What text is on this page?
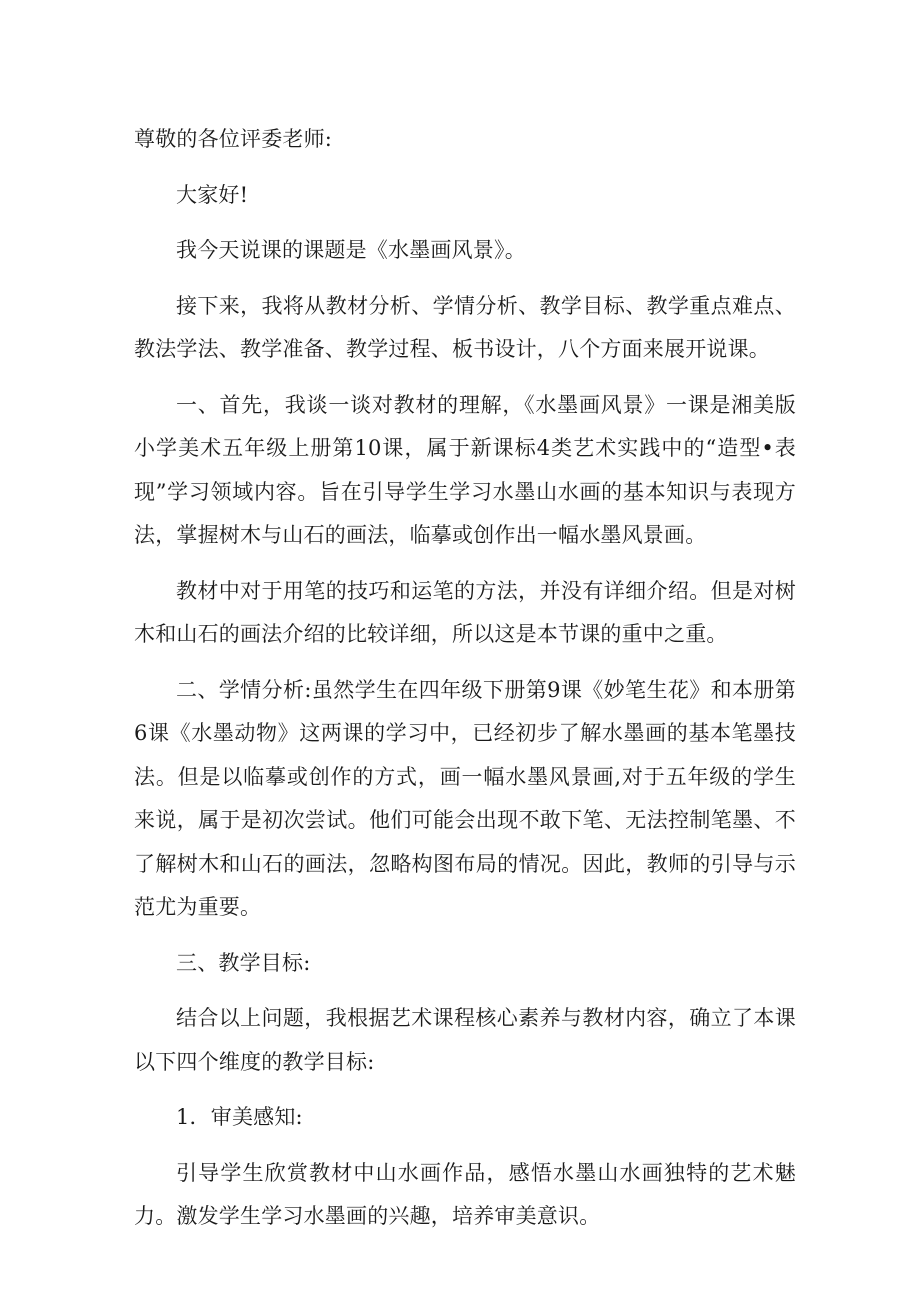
尊敬的各位评委老师:

大家好!

我今天说课的课题是《水墨画风景》。

接下来，我将从教材分析、学情分析、教学目标、教学重点难点、教法学法、教学准备、教学过程、板书设计，八个方面来展开说课。

一、首先，我谈一谈对教材的理解，《水墨画风景》一课是湘美版小学美术五年级上册第10课，属于新课标4类艺术实践中的“造型•表现”学习领域内容。旨在引导学生学习水墨山水画的基本知识与表现方法，掌握树木与山石的画法，临摹或创作出一幅水墨风景画。

教材中对于用笔的技巧和运笔的方法，并没有详细介绍。但是对树木和山石的画法介绍的比较详细，所以这是本节课的重中之重。

二、学情分析:虽然学生在四年级下册第9课《妙笔生花》和本册第6课《水墨动物》这两课的学习中，已经初步了解水墨画的基本笔墨技法。但是以临摹或创作的方式，画一幅水墨风景画,对于五年级的学生来说，属于是初次尝试。他们可能会出现不敢下笔、无法控制笔墨、不了解树木和山石的画法，忽略构图布局的情况。因此，教师的引导与示范尤为重要。

三、教学目标:

结合以上问题，我根据艺术课程核心素养与教材内容，确立了本课以下四个维度的教学目标:

1．审美感知:

引导学生欣赏教材中山水画作品，感悟水墨山水画独特的艺术魅力。激发学生学习水墨画的兴趣，培养审美意识。
